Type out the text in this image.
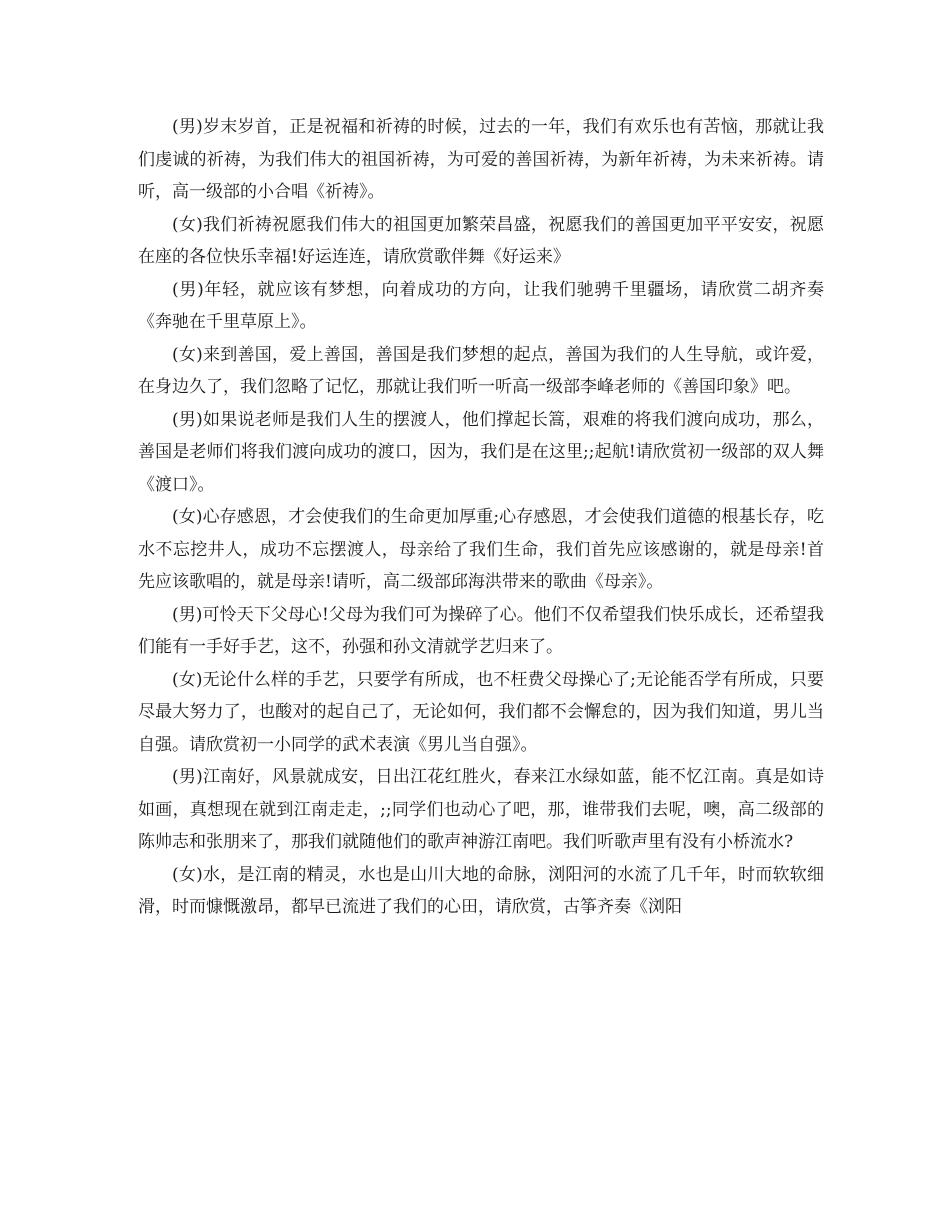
(男)岁末岁首，正是祝福和祈祷的时候，过去的一年，我们有欢乐也有苦恼，那就让我们虔诚的祈祷，为我们伟大的祖国祈祷，为可爱的善国祈祷，为新年祈祷，为未来祈祷。请听，高一级部的小合唱《祈祷》。

(女)我们祈祷祝愿我们伟大的祖国更加繁荣昌盛，祝愿我们的善国更加平平安安，祝愿在座的各位快乐幸福!好运连连，请欣赏歌伴舞《好运来》

(男)年轻，就应该有梦想，向着成功的方向，让我们驰骋千里疆场，请欣赏二胡齐奏《奔驰在千里草原上》。

(女)来到善国，爱上善国，善国是我们梦想的起点，善国为我们的人生导航，或许爱，在身边久了，我们忽略了记忆，那就让我们听一听高一级部李峰老师的《善国印象》吧。

(男)如果说老师是我们人生的摆渡人，他们撑起长篙，艰难的将我们渡向成功，那么，善国是老师们将我们渡向成功的渡口，因为，我们是在这里;;起航!请欣赏初一级部的双人舞《渡口》。

(女)心存感恩，才会使我们的生命更加厚重;心存感恩，才会使我们道德的根基长存，吃水不忘挖井人，成功不忘摆渡人，母亲给了我们生命，我们首先应该感谢的，就是母亲!首先应该歌唱的，就是母亲!请听，高二级部邱海洪带来的歌曲《母亲》。

(男)可怜天下父母心!父母为我们可为操碎了心。他们不仅希望我们快乐成长，还希望我们能有一手好手艺，这不，孙强和孙文清就学艺归来了。

(女)无论什么样的手艺，只要学有所成，也不枉费父母操心了;无论能否学有所成，只要尽最大努力了，也酸对的起自己了，无论如何，我们都不会懈怠的，因为我们知道，男儿当自强。请欣赏初一小同学的武术表演《男儿当自强》。

(男)江南好，风景就成安，日出江花红胜火，春来江水绿如蓝，能不忆江南。真是如诗如画，真想现在就到江南走走，;;同学们也动心了吧，那，谁带我们去呢，噢，高二级部的陈帅志和张朋来了，那我们就随他们的歌声神游江南吧。我们听歌声里有没有小桥流水?

(女)水，是江南的精灵，水也是山川大地的命脉，浏阳河的水流了几千年，时而软软细滑，时而慷慨激昂，都早已流进了我们的心田，请欣赏，古筝齐奏《浏阳
